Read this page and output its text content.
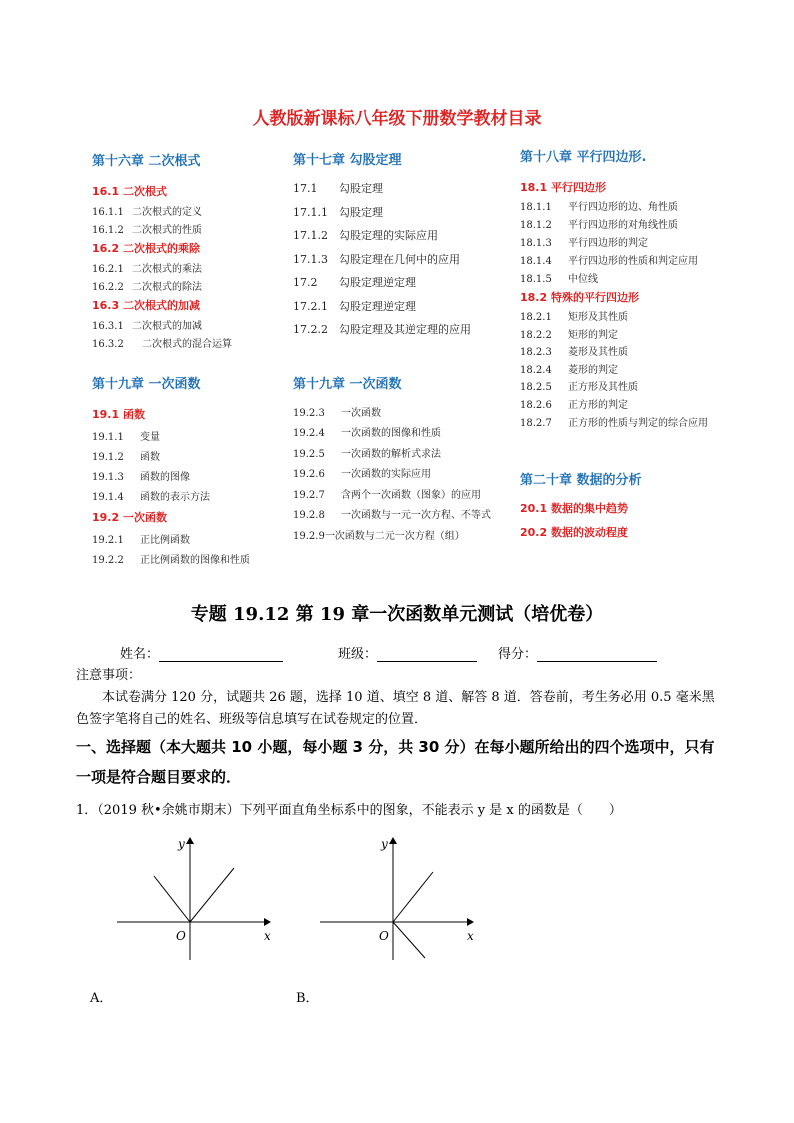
人教版新课标八年级下册数学教材目录
第十六章 二次根式
16.1 二次根式
16.1.1 二次根式的定义
16.1.2 二次根式的性质
16.2 二次根式的乘除
16.2.1 二次根式的乘法
16.2.2 二次根式的除法
16.3 二次根式的加减
16.3.1 二次根式的加减
16.3.2 二次根式的混合运算
第十九章 一次函数
19.1 函数
19.1.1 变量
19.1.2 函数
19.1.3 函数的图像
19.1.4 函数的表示方法
19.2 一次函数
19.2.1 正比例函数
19.2.2 正比例函数的图像和性质
第十七章 勾股定理
17.1 勾股定理
17.1.1 勾股定理
17.1.2 勾股定理的实际应用
17.1.3 勾股定理在几何中的应用
17.2 勾股定理逆定理
17.2.1 勾股定理逆定理
17.2.2 勾股定理及其逆定理的应用
第十九章 一次函数
19.2.3 一次函数
19.2.4 一次函数的图像和性质
19.2.5 一次函数的解析式求法
19.2.6 一次函数的实际应用
19.2.7 含两个一次函数（图象）的应用
19.2.8 一次函数与一元一次方程、不等式
19.2.9一次函数与二元一次方程（组）
第十八章 平行四边形.
18.1 平行四边形
18.1.1 平行四边形的边、角性质
18.1.2 平行四边形的对角线性质
18.1.3 平行四边形的判定
18.1.4 平行四边形的性质和判定应用
18.1.5 中位线
18.2 特殊的平行四边形
18.2.1 矩形及其性质
18.2.2 矩形的判定
18.2.3 菱形及其性质
18.2.4 菱形的判定
18.2.5 正方形及其性质
18.2.6 正方形的判定
18.2.7 正方形的性质与判定的综合应用
第二十章 数据的分析
20.1 数据的集中趋势
20.2 数据的波动程度
专题 19.12 第 19 章一次函数单元测试（培优卷）
姓名：	班级：	得分：
注意事项：
本试卷满分 120 分，试题共 26 题，选择 10 道、填空 8 道、解答 8 道．答卷前，考生务必用 0.5 毫米黑色签字笔将自己的姓名、班级等信息填写在试卷规定的位置．
一、选择题（本大题共 10 小题，每小题 3 分，共 30 分）在每小题所给出的四个选项中，只有一项是符合题目要求的．
1．（2019 秋•余姚市期末）下列平面直角坐标系中的图象，不能表示 y 是 x 的函数是（　　）
y
x
O
A．
y
x
O
B．
